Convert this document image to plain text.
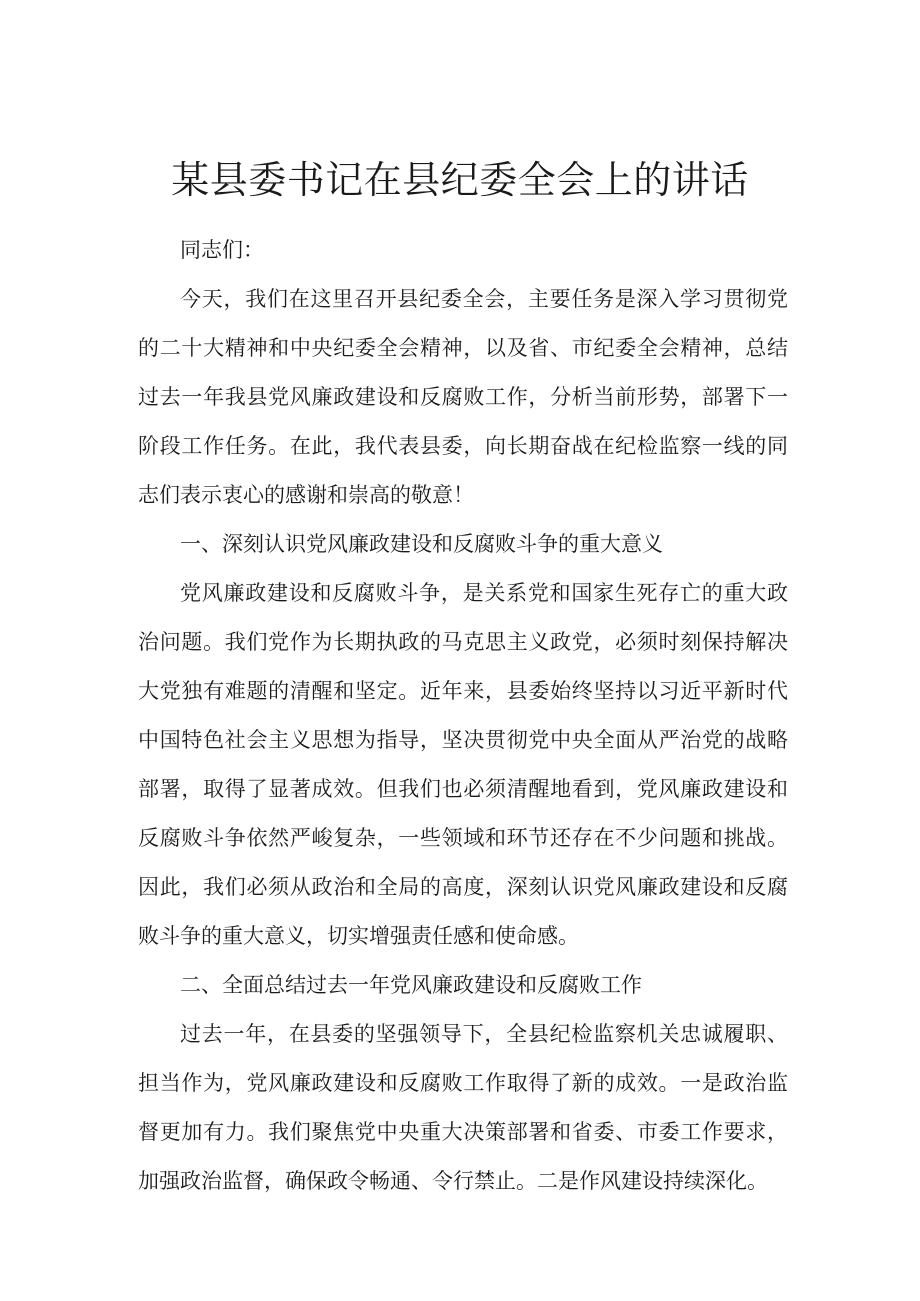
某县委书记在县纪委全会上的讲话

同志们：

今天，我们在这里召开县纪委全会，主要任务是深入学习贯彻党的二十大精神和中央纪委全会精神，以及省、市纪委全会精神，总结过去一年我县党风廉政建设和反腐败工作，分析当前形势，部署下一阶段工作任务。在此，我代表县委，向长期奋战在纪检监察一线的同志们表示衷心的感谢和崇高的敬意！

一、深刻认识党风廉政建设和反腐败斗争的重大意义

党风廉政建设和反腐败斗争，是关系党和国家生死存亡的重大政治问题。我们党作为长期执政的马克思主义政党，必须时刻保持解决大党独有难题的清醒和坚定。近年来，县委始终坚持以习近平新时代中国特色社会主义思想为指导，坚决贯彻党中央全面从严治党的战略部署，取得了显著成效。但我们也必须清醒地看到，党风廉政建设和反腐败斗争依然严峻复杂，一些领域和环节还存在不少问题和挑战。因此，我们必须从政治和全局的高度，深刻认识党风廉政建设和反腐败斗争的重大意义，切实增强责任感和使命感。

二、全面总结过去一年党风廉政建设和反腐败工作

过去一年，在县委的坚强领导下，全县纪检监察机关忠诚履职、担当作为，党风廉政建设和反腐败工作取得了新的成效。一是政治监督更加有力。我们聚焦党中央重大决策部署和省委、市委工作要求，加强政治监督，确保政令畅通、令行禁止。二是作风建设持续深化。
